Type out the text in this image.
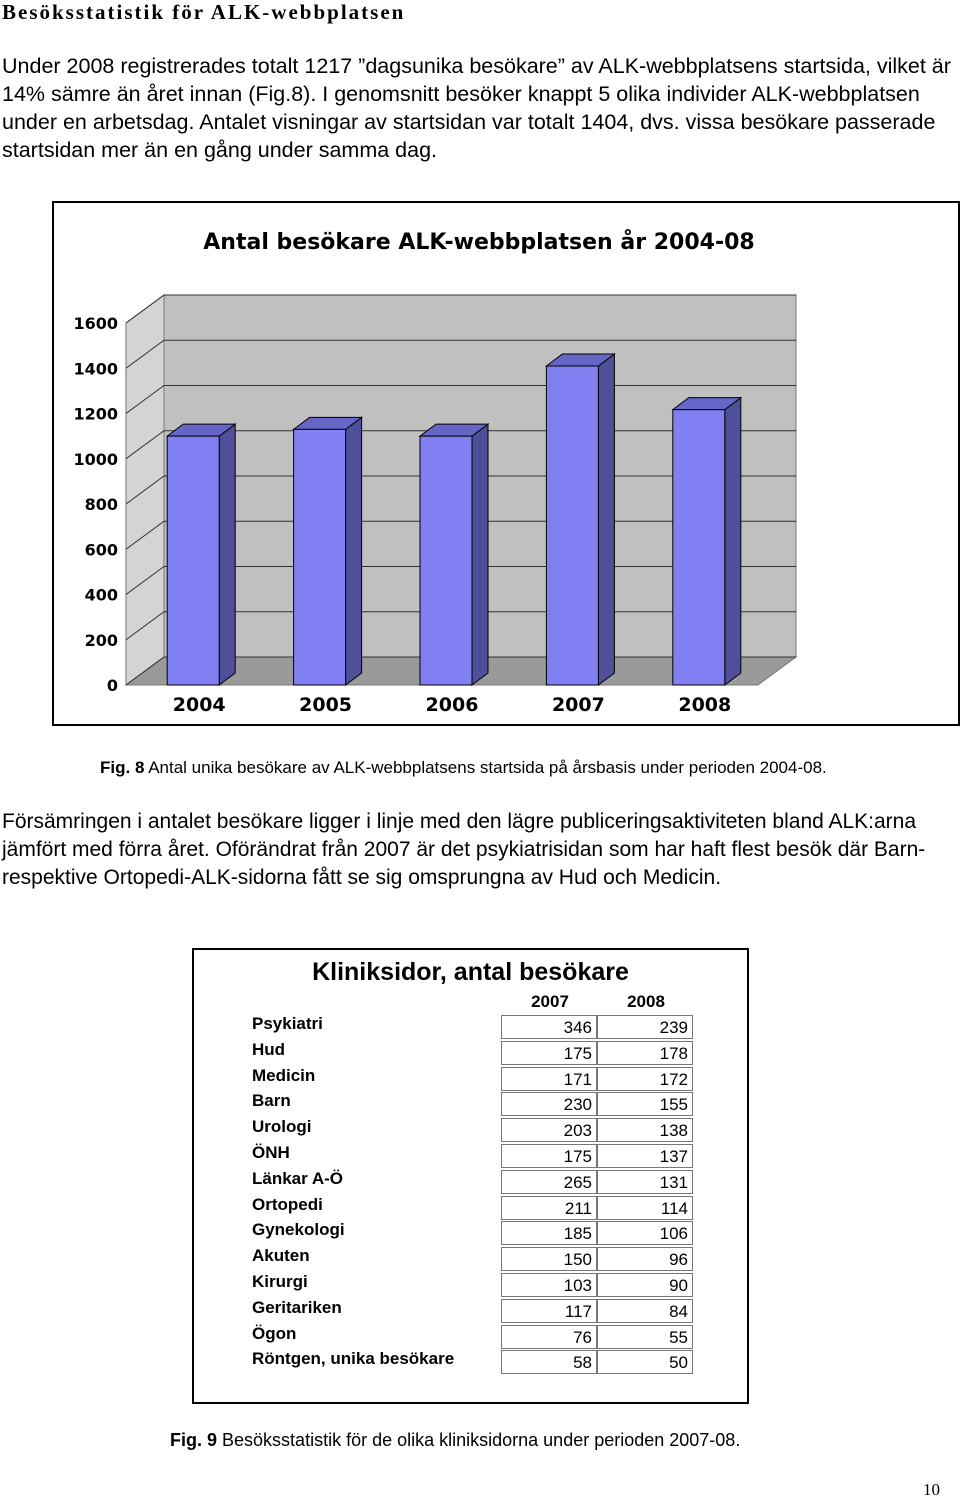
Besöksstatistik för ALK-webbplatsen

Under 2008 registrerades totalt 1217 ”dagsunika besökare” av ALK-webbplatsens startsida, vilket är 14% sämre än året innan (Fig.8). I genomsnitt besöker knappt 5 olika individer ALK-webbplatsen under en arbetsdag. Antalet visningar av startsidan var totalt 1404, dvs. vissa besökare passerade startsidan mer än en gång under samma dag.

Antal besökare ALK-webbplatsen år 2004-08
0
200
400
600
800
1000
1200
1400
1600
2004	2005	2006	2007	2008
Fig. 8 Antal unika besökare av ALK-webbplatsens startsida på årsbasis under perioden 2004-08.

Försämringen i antalet besökare ligger i linje med den lägre publiceringsaktiviteten bland ALK:arna jämfört med förra året. Oförändrat från 2007 är det psykiatrisidan som har haft flest besök där Barn- respektive Ortopedi-ALK-sidorna fått se sig omsprungna av Hud och Medicin.

Kliniksidor, antal besökare
2007	2008
Psykiatri	346	239
Hud	175	178
Medicin	171	172
Barn	230	155
Urologi	203	138
ÖNH	175	137
Länkar A-Ö	265	131
Ortopedi	211	114
Gynekologi	185	106
Akuten	150	96
Kirurgi	103	90
Geritariken	117	84
Ögon	76	55
Röntgen, unika besökare	58	50
Fig. 9 Besöksstatistik för de olika kliniksidorna under perioden 2007-08.
10
